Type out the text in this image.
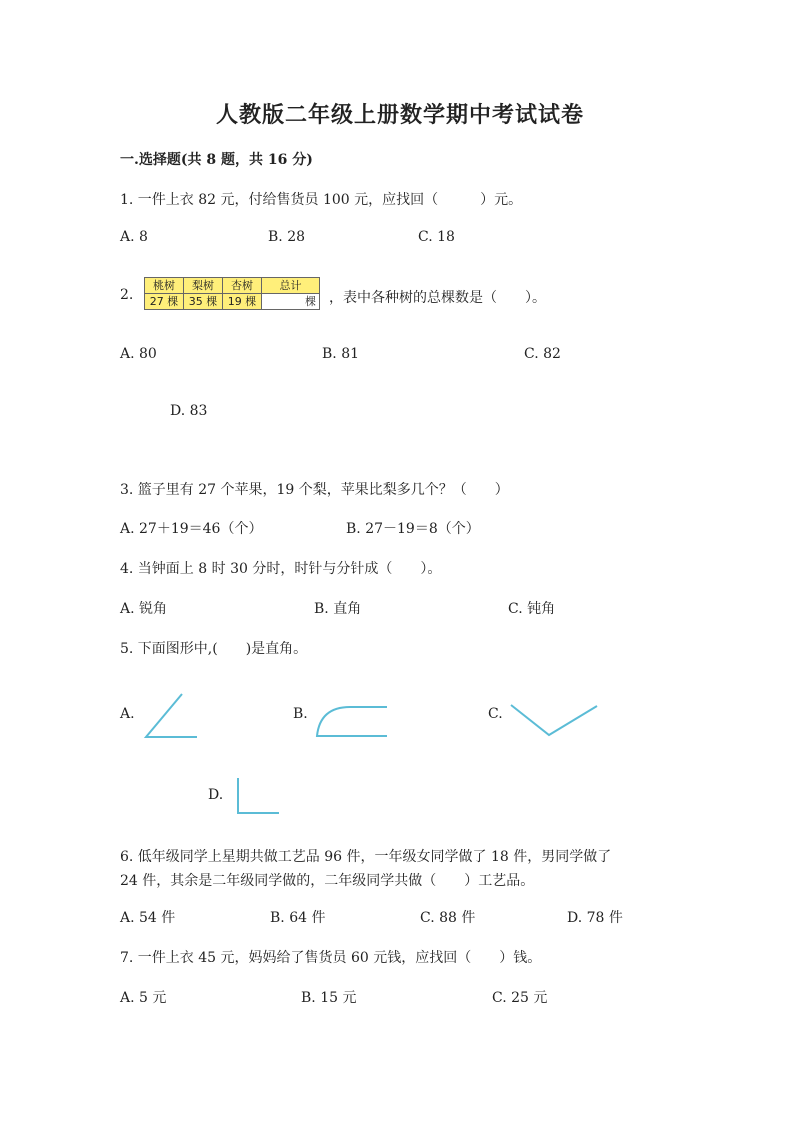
人教版二年级上册数学期中考试试卷
一.选择题(共 8 题，共 16 分)
1. 一件上衣 82 元，付给售货员 100 元，应找回（　　　）元。
A. 8	B. 28	C. 18
2.
桃树	梨树	杏树	总计
27 棵	35 棵	19 棵	棵 ，表中各种树的总棵数是（　　）。
A. 80	B. 81	C. 82
D. 83
3. 篮子里有 27 个苹果，19 个梨，苹果比梨多几个？（　　）
A. 27＋19＝46（个）	B. 27－19＝8（个）
4. 当钟面上 8 时 30 分时，时针与分针成（　　）。
A. 锐角	B. 直角	C. 钝角
5. 下面图形中,(　　)是直角。
A.	B.	C.
D.
6. 低年级同学上星期共做工艺品 96 件，一年级女同学做了 18 件，男同学做了
24 件，其余是二年级同学做的，二年级同学共做（　　）工艺品。
A. 54 件	B. 64 件	C. 88 件	D. 78 件
7. 一件上衣 45 元，妈妈给了售货员 60 元钱，应找回（　　）钱。
A. 5 元	B. 15 元	C. 25 元
